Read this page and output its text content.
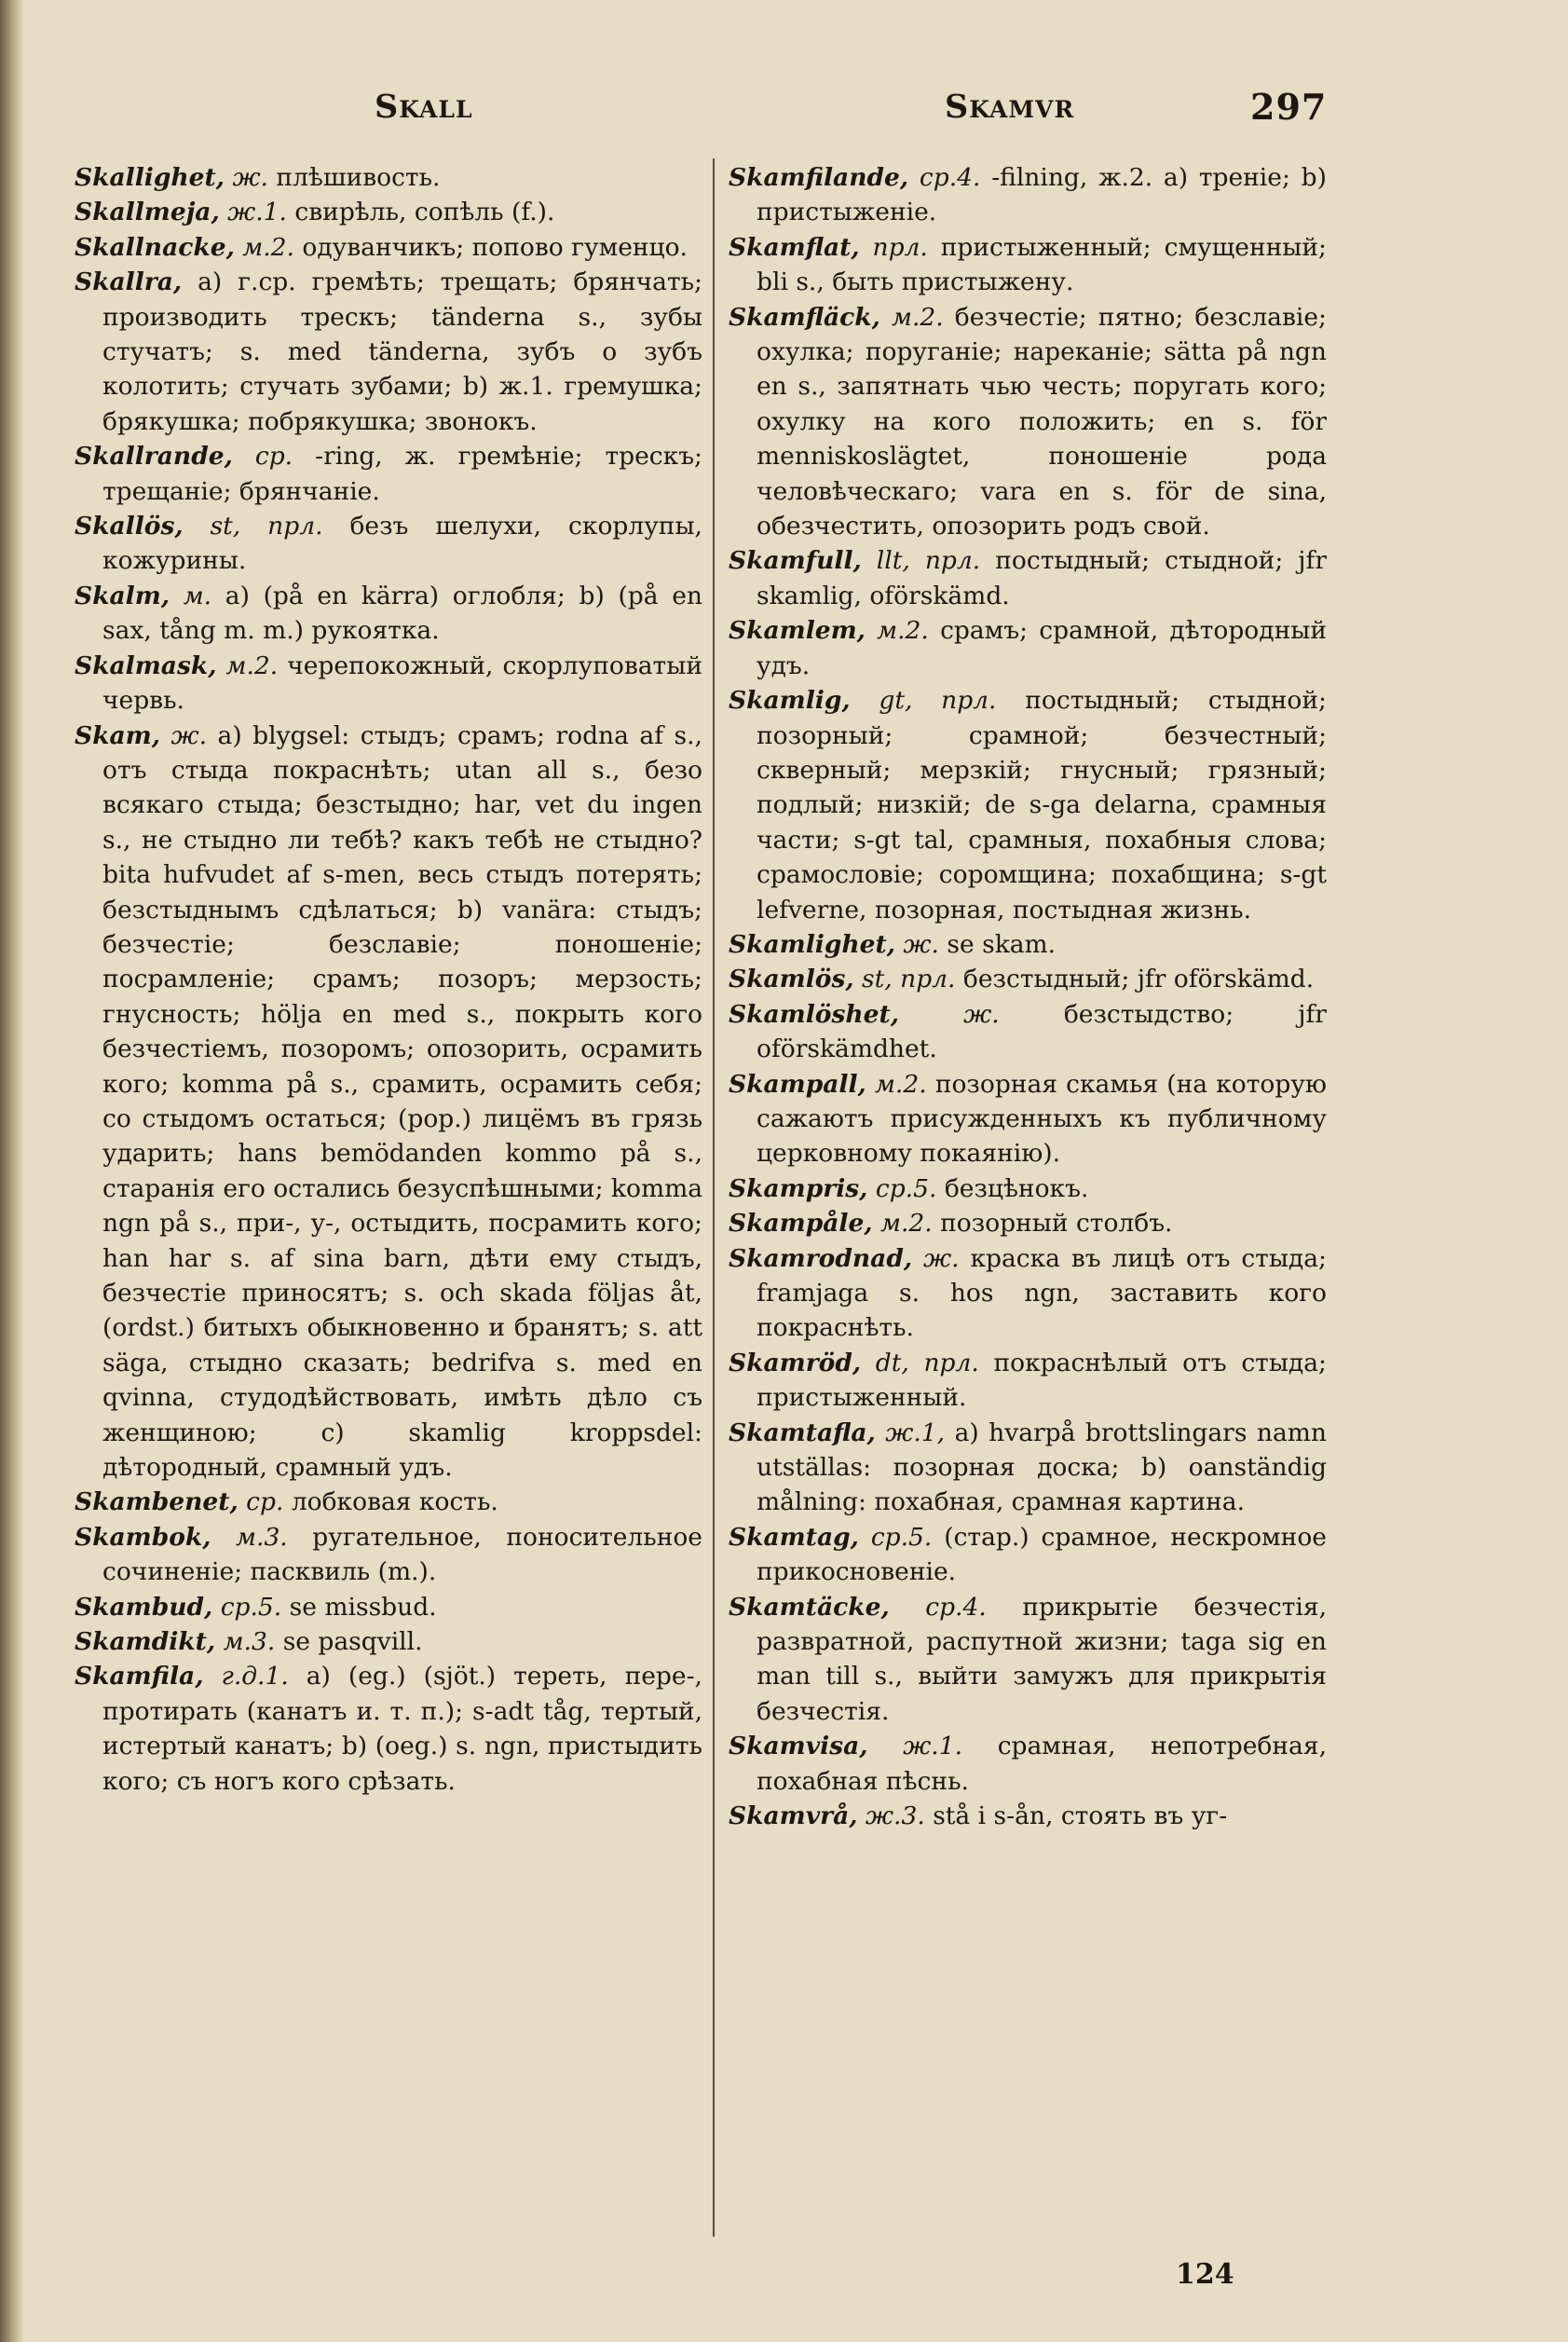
Skall	Skamvr	297

Skallighet, ж. плѣшивость.

Skallmeja, ж.1. свирѣль, сопѣль (f.).

Skallnacke, м.2. одуванчикъ; попово гуменцо.

Skallra, a) г.ср. гремѣть; трещать; брянчать; производить трескъ; tänderna s., зубы стучатъ; s. med tänderna, зубъ о зубъ колотить; стучать зубами; b) ж.1. гремушка; брякушка; побрякушка; звонокъ.

Skallrande, ср. -ring, ж. гремѣніе; трескъ; трещаніе; брянчаніе.

Skallös, st, прл. безъ шелухи, скорлупы, кожурины.

Skalm, м. a) (på en kärra) оглобля; b) (på en sax, tång m. m.) рукоятка.

Skalmask, м.2. черепокожный, скорлуповатый червь.

Skam, ж. a) blygsel: стыдъ; срамъ; rodna af s., отъ стыда покраснѣть; utan all s., безо всякаго стыда; безстыдно; har, vet du ingen s., не стыдно ли тебѣ? какъ тебѣ не стыдно? bita hufvudet af s-men, весь стыдъ потерять; безстыднымъ сдѣлаться; b) vanära: стыдъ; безчестіе; безславіе; поношеніе; посрамленіе; срамъ; позоръ; мерзость; гнусность; hölja en med s., покрыть кого безчестіемъ, позоромъ; опозорить, осрамить кого; komma på s., срамить, осрамить себя; со стыдомъ остаться; (рор.) лицёмъ въ грязь ударить; hans bemödanden kommo på s., старанія его остались безуспѣшными; komma ngn på s., при-, у-, остыдить, посрамить кого; han har s. af sina barn, дѣти ему стыдъ, безчестіе приносятъ; s. och skada följas åt, (ordst.) битыхъ обыкновенно и бранятъ; s. att säga, стыдно сказать; bedrifva s. med en qvinna, студодѣйствовать, имѣть дѣло съ женщиною; c) skamlig kroppsdel: дѣторoдный, срамный удъ.

Skambenet, ср. лобковая кость.

Skambok, м.3. ругательное, поносительное сочиненіе; пасквиль (m.).

Skambud, ср.5. se missbud.

Skamdikt, м.3. se pasqvill.

Skamfila, г.д.1. a) (eg.) (sjöt.) тереть, пере-, протирать (канатъ и. т. п.); s-adt tåg, тертый, истертый канатъ; b) (oeg.) s. ngn, пристыдить кого; съ ногъ кого срѣзать.

Skamfilande, ср.4. -filning, ж.2. a) треніе; b) пристыженіе.

Skamflat, прл. пристыженный; смущенный; bli s., быть пристыжену.

Skamfläck, м.2. безчестіе; пятно; безславіе; охулка; поруганіе; нареканіе; sätta på ngn en s., запятнать чью честь; поругать кого; охулку на кого положить; en s. för menniskoslägtet, поношеніе рода человѣческаго; vara en s. för de sina, обезчестить, опозорить родъ свой.

Skamfull, llt, прл. постыдный; стыдной; jfr skamlig, oförskämd.

Skamlem, м.2. срамъ; срамной, дѣтородный удъ.

Skamlig, gt, прл. постыдный; стыдной; позорный; срамной; безчестный; скверный; мерзкій; гнусный; грязный; подлый; низкій; de s-ga delarna, срамныя части; s-gt tal, срамныя, похабныя слова; срамословіе; сорoмщина; похабщина; s-gt lefverne, позорная, постыдная жизнь.

Skamlighet, ж. se skam.

Skamlös, st, прл. безстыдный; jfr oförskämd.

Skamlöshet,	ж.	безстыдство; jfr oförskämdhet.

Skampall, м.2. позорная скамья (на которую сажаютъ присужденныхъ къ публичному церковному покаянію).

Skampris, ср.5. безцѣнокъ.

Skampåle, м.2. позорный столбъ.

Skamrodnad, ж. краска въ лицѣ отъ стыда; framjaga s. hos ngn, заставить кого покраснѣть.

Skamröd, dt, прл. покраснѣлый отъ стыда; пристыженный.

Skamtafla, ж.1, a) hvarpå brottslingars namn utställas: позорная доска; b) oanständig målning: похабная, срамная картина.

Skamtag, ср.5. (стар.) срамное, нескромное прикосновеніе.

Skamtäcke, ср.4. прикрытіе безчестія, развратной, распутной жизни; taga sig en man till s., выйти замужъ для прикрытія безчестія.

Skamvisa, ж.1. срамная, непотребная, похабная пѣснь.

Skamvrå, ж.3. stå i s-ån, стоять въ уг-

124
